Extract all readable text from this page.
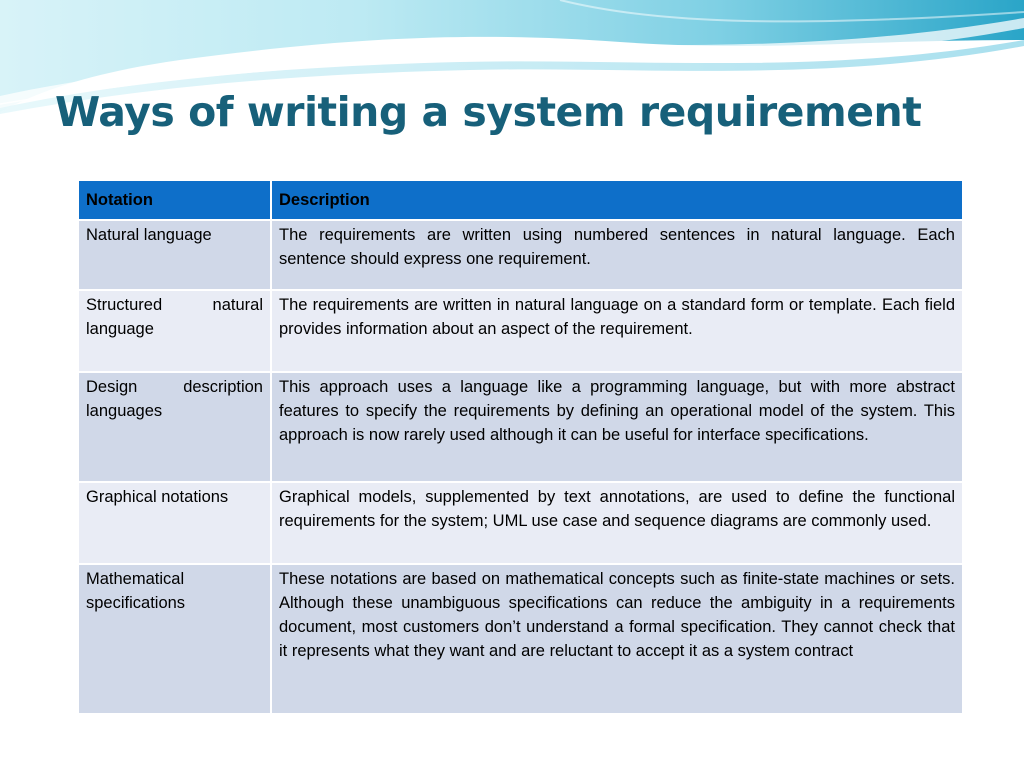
Ways of writing a system requirement
Notation	Description
Natural language	The requirements are written using numbered sentences in natural language. Each sentence should express one requirement.
Structured natural language	The requirements are written in natural language on a standard form or template. Each field provides information about an aspect of the requirement.
Design description languages	This approach uses a language like a programming language, but with more abstract features to specify the requirements by defining an operational model of the system. This approach is now rarely used although it can be useful for interface specifications.
Graphical notations	Graphical models, supplemented by text annotations, are used to define the functional requirements for the system; UML use case and sequence diagrams are commonly used.
Mathematical specifications	These notations are based on mathematical concepts such as finite-state machines or sets. Although these unambiguous specifications can reduce the ambiguity in a requirements document, most customers don’t understand a formal specification. They cannot check that it represents what they want and are reluctant to accept it as a system contract
